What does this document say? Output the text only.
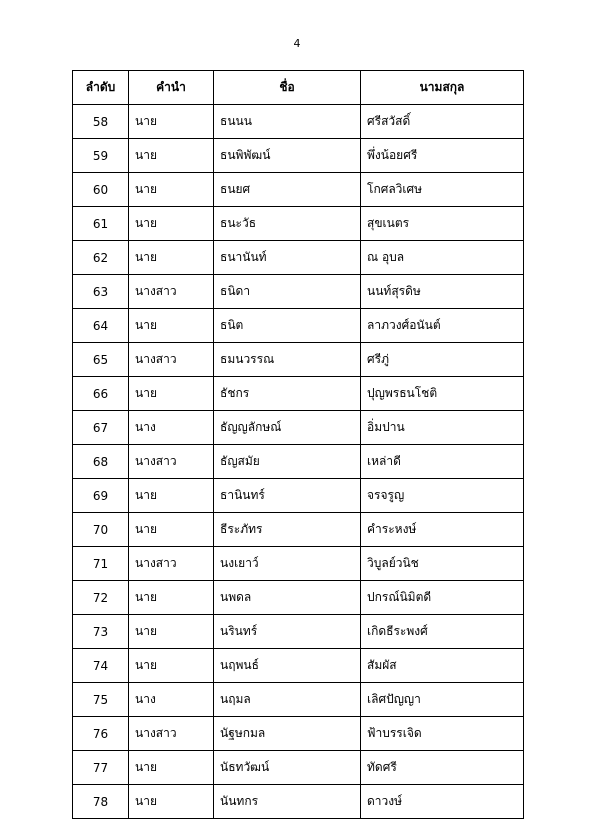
4
ลำดับ	คำนำ	ชื่อ	นามสกุล
58	นาย	ธนนน	ศรีสวัสดิ์
59	นาย	ธนพิพัฒน์	พึ่งน้อยศรี
60	นาย	ธนยศ	โกศลวิเศษ
61	นาย	ธนะวัธ	สุขเนตร
62	นาย	ธนานันท์	ณ อุบล
63	นางสาว	ธนิดา	นนท์สุรดิษ
64	นาย	ธนิต	ลาภวงศ์อนันต์
65	นางสาว	ธมนวรรณ	ศรีภู่
66	นาย	ธัชกร	ปุญพรธนโชติ
67	นาง	ธัญญลักษณ์	อิ่มปาน
68	นางสาว	ธัญสมัย	เหล่าดี
69	นาย	ธานินทร์	จรจรูญ
70	นาย	ธีระภัทร	คำระหงษ์
71	นางสาว	นงเยาว์	วิบูลย์วนิช
72	นาย	นพดล	ปกรณ์นิมิตดี
73	นาย	นรินทร์	เกิดธีระพงศ์
74	นาย	นฤพนธ์	สัมผัส
75	นาง	นฤมล	เลิศปัญญา
76	นางสาว	นัฐษกมล	ฟ้าบรรเจิด
77	นาย	นัธทวัฒน์	ทัดศรี
78	นาย	นันทกร	ดาวงษ์
